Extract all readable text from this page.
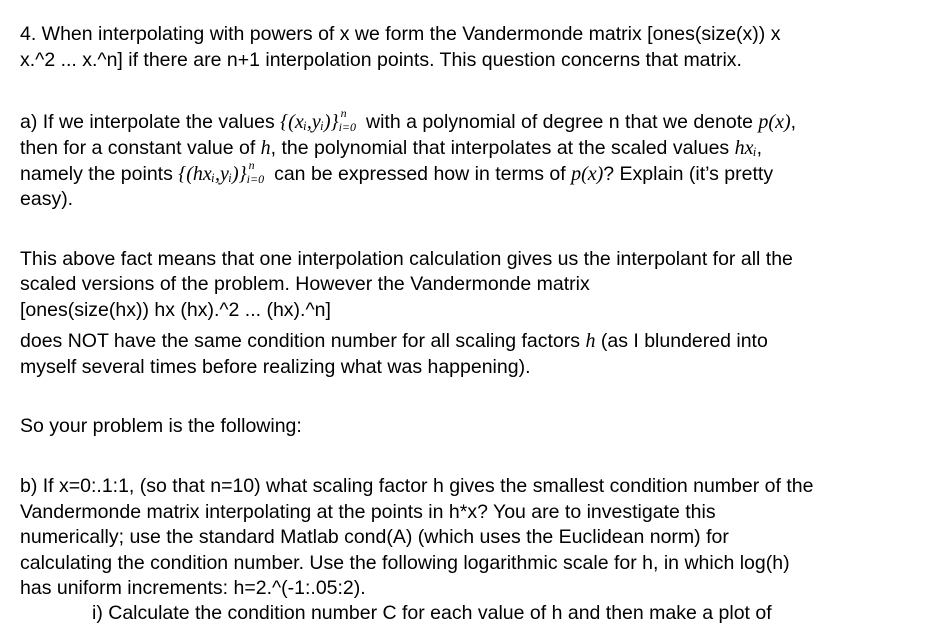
4. When interpolating with powers of x we form the Vandermonde matrix [ones(size(x)) x
x.^2 ... x.^n] if there are n+1 interpolation points. This question concerns that matrix.
a) If we interpolate the values {(xᵢ,yᵢ)} n
i=0 with a polynomial of degree n that we denote p(x),
then for a constant value of h, the polynomial that interpolates at the scaled values hxᵢ,
namely the points {(hxᵢ,yᵢ)} n
i=0 can be expressed how in terms of p(x)? Explain (it’s pretty
easy).
This above fact means that one interpolation calculation gives us the interpolant for all the
scaled versions of the problem. However the Vandermonde matrix
[ones(size(hx)) hx (hx).^2 ... (hx).^n]
does NOT have the same condition number for all scaling factors h (as I blundered into
myself several times before realizing what was happening).
So your problem is the following:
b) If x=0:.1:1, (so that n=10) what scaling factor h gives the smallest condition number of the
Vandermonde matrix interpolating at the points in h*x? You are to investigate this
numerically; use the standard Matlab cond(A) (which uses the Euclidean norm) for
calculating the condition number. Use the following logarithmic scale for h, in which log(h)
has uniform increments: h=2.^(-1:.05:2).
i) Calculate the condition number C for each value of h and then make a plot of
